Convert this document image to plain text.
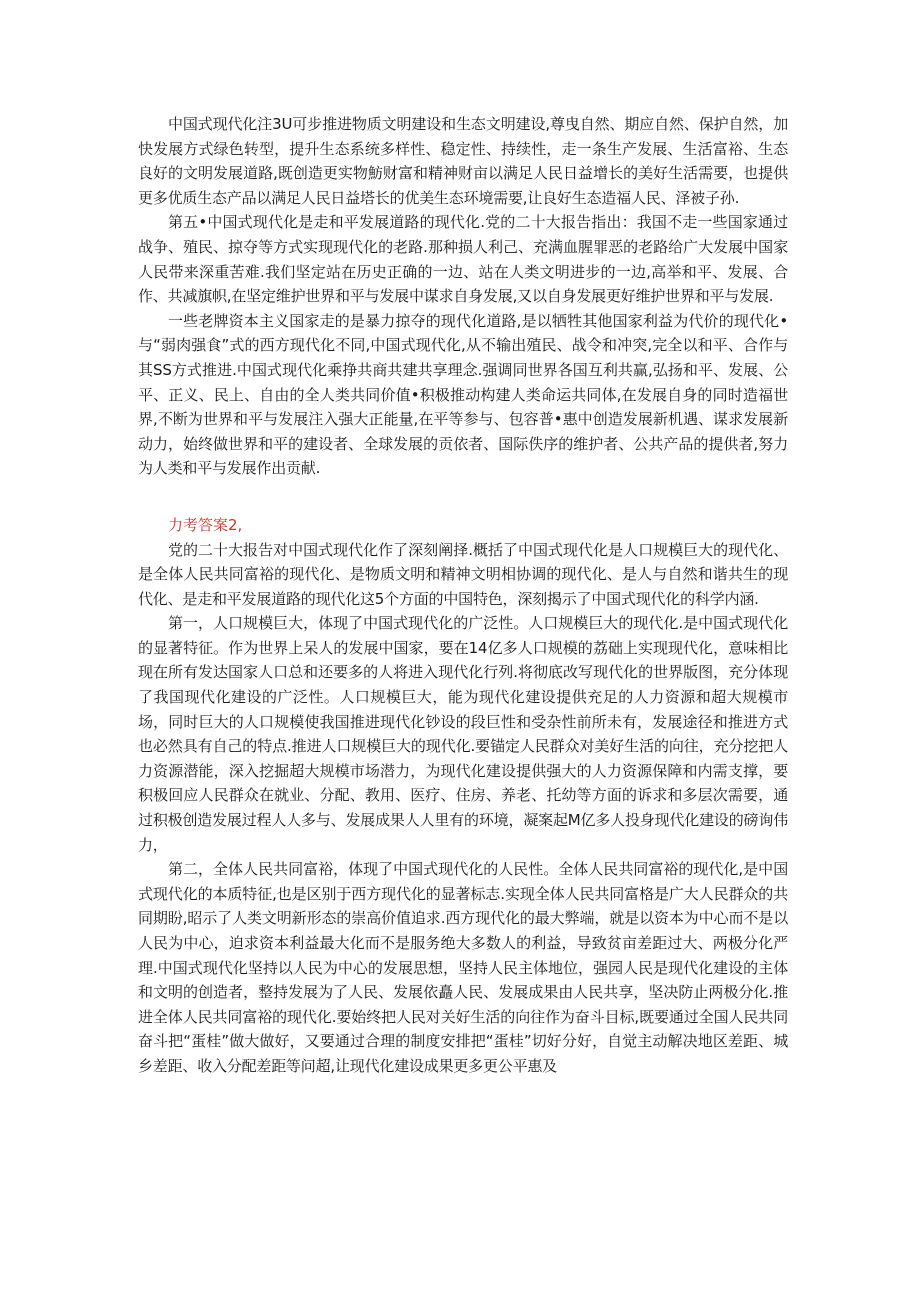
中国式现代化注3U可步推进物质文明建设和生态文明建设,尊曳自然、期应自然、保护自然，加快发展方式绿色转型，提升生态系统多样性、稳定性、持续性，走一条生产发展、生活富裕、生态良好的文明发展道路,既创造更实物魴财富和精神财亩以满足人民日益增长的美好生活需要，也提供更多优质生态产品以满足人民日益塔长的优美生态环境需要,让良好生态造福人民、泽被子孙.

第五•中国式现代化是走和平发展道路的现代化.党的二十大报告指出：我国不走一些国家通过战争、殖民、掠夺等方式实现现代化的老路.那种损人利己、充满血腥罪恶的老路给广大发展中国家人民带来深重苦难.我们坚定站在历史正确的一边、站在人类文明进步的一边,高举和平、发展、合作、共减旗帜,在坚定维护世界和平与发展中谋求自身发展,又以自身发展更好维护世界和平与发展.

一些老牌资本主义国家走的是暴力掠夺的现代化道路,是以牺牲其他国家利益为代价的现代化•与“弱肉强食”式的西方现代化不同,中国式现代化,从不输出殖民、战令和冲突,完全以和平、合作与其SS方式推进.中国式现代化乘挣共商共建共享理念.强调同世界各国互利共赢,弘扬和平、发展、公平、正义、民上、自由的全人类共同价值•积极推动构建人类命运共同体,在发展自身的同时造福世界,不断为世界和平与发展注入强大正能量,在平等参与、包容普•惠中创造发展新机遇、谋求发展新动力，始终做世界和平的建设者、全球发展的贡依者、国际佚序的维护者、公共产品的提供者,努力为人类和平与发展作出贡献.

力考答案2,

党的二十大报告对中国式现代化作了深刻阐择.概括了中国式现代化是人口规模巨大的现代化、是全体人民共同富裕的现代化、是物质文明和精神文明相协调的现代化、是人与自然和谐共生的现代化、是走和平发展道路的现代化这5个方面的中国特色，深刻揭示了中国式现代化的科学内涵.

第一，人口规模巨大，体现了中国式现代化的广泛性。人口规模巨大的现代化.是中国式现代化的显著特征。作为世界上呆人的发展中国家，要在14亿多人口规模的荔础上实现现代化，意味相比现在所有发达国家人口总和还要多的人将进入现代化行列.将彻底改写现代化的世界版图，充分体现了我国现代化建设的广泛性。人口规模巨大，能为现代化建设提供充足的人力资源和超大规模市场，同时巨大的人口规模使我国推进现代化钞设的段巨性和受杂性前所未有，发展途径和推进方式也必然具有自己的特点.推进人口规模巨大的现代化.要锚定人民群众对美好生活的向往，充分挖把人力资源潜能，深入挖掘超大规模市场潜力，为现代化建设提供强大的人力资源保障和内需支撑，要积极回应人民群众在就业、分配、教用、医疗、住房、养老、托幼等方面的诉求和多层次需要，通过积极创造发展过程人人多与、发展成果人人里有的环境，凝案起M亿多人投身现代化建设的磅询伟力，

第二，全体人民共同富裕，体现了中国式现代化的人民性。全体人民共同富裕的现代化,是中国式现代化的本质特征,也是区别于西方现代化的显著标志.实现全体人民共同富格是广大人民群众的共同期盼,昭示了人类文明新形态的崇高价值追求.西方现代化的最大弊端，就是以资本为中心而不是以人民为中心，迫求资本利益最大化而不是服务绝大多数人的利益，导致贫亩差距过大、两极分化严理.中国式现代化坚持以人民为中心的发展思想，坚持人民主体地位，强园人民是现代化建设的主体和文明的创造者，整持发展为了人民、发展依矗人民、发展成果由人民共享，坚决防止两极分化.推进全体人民共同富裕的现代化.要始终把人民对关好生活的向往作为奋斗目标,既要通过全国人民共同奋斗把“蛋桂”做大做好，又要通过合理的制度安排把“蛋桂”切好分好，自觉主动解决地区差距、城乡差距、收入分配差距等问超,让现代化建设成果更多更公平惠及
